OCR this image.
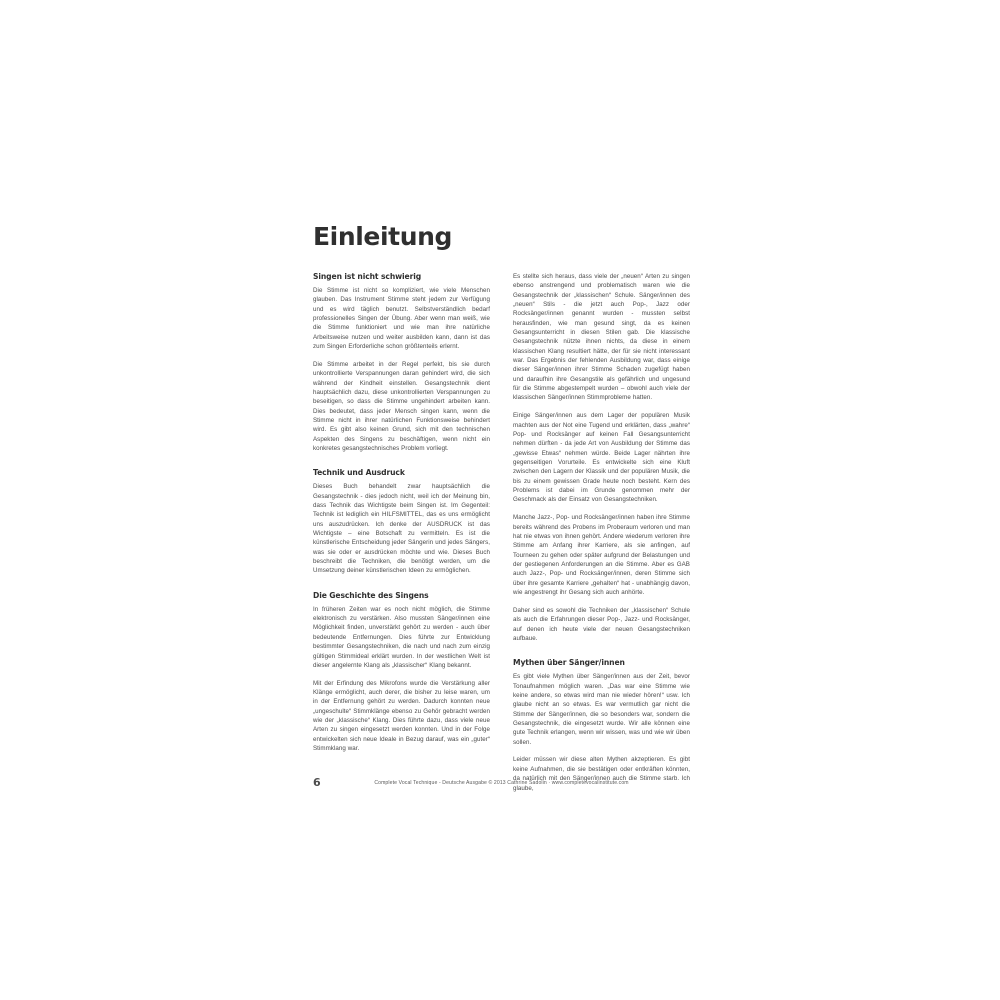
Einleitung
Singen ist nicht schwierig

Die Stimme ist nicht so kompliziert, wie viele Menschen glauben. Das Instrument Stimme steht jedem zur Verfügung und es wird täglich benutzt. Selbstverständlich bedarf professionelles Singen der Übung. Aber wenn man weiß, wie die Stimme funktioniert und wie man ihre natürliche Arbeitsweise nutzen und weiter ausbilden kann, dann ist das zum Singen Erforderliche schon größtenteils erlernt.

Die Stimme arbeitet in der Regel perfekt, bis sie durch unkontrollierte Verspannungen daran gehindert wird, die sich während der Kindheit einstellen. Gesangstechnik dient hauptsächlich dazu, diese unkontrollierten Verspannungen zu beseitigen, so dass die Stimme ungehindert arbeiten kann. Dies bedeutet, dass jeder Mensch singen kann, wenn die Stimme nicht in ihrer natürlichen Funktionsweise behindert wird. Es gibt also keinen Grund, sich mit den technischen Aspekten des Singens zu beschäftigen, wenn nicht ein konkretes gesangstechnisches Problem vorliegt.

Technik und Ausdruck

Dieses Buch behandelt zwar hauptsächlich die Gesangstechnik - dies jedoch nicht, weil ich der Meinung bin, dass Technik das Wichtigste beim Singen ist. Im Gegenteil: Technik ist lediglich ein HILFSMITTEL, das es uns ermöglicht uns auszudrücken. Ich denke der AUSDRUCK ist das Wichtigste – eine Botschaft zu vermitteln. Es ist die künstlerische Entscheidung jeder Sängerin und jedes Sängers, was sie oder er ausdrücken möchte und wie. Dieses Buch beschreibt die Techniken, die benötigt werden, um die Umsetzung deiner künstlerischen Ideen zu ermöglichen.

Die Geschichte des Singens

In früheren Zeiten war es noch nicht möglich, die Stimme elektronisch zu verstärken. Also mussten Sänger/innen eine Möglichkeit finden, unverstärkt gehört zu werden - auch über bedeutende Entfernungen. Dies führte zur Entwicklung bestimmter Gesangstechniken, die nach und nach zum einzig gültigen Stimmideal erklärt wurden. In der westlichen Welt ist dieser angelernte Klang als „klassischer“ Klang bekannt.

Mit der Erfindung des Mikrofons wurde die Verstärkung aller Klänge ermöglicht, auch derer, die bisher zu leise waren, um in der Entfernung gehört zu werden. Dadurch konnten neue „ungeschulte“ Stimmklänge ebenso zu Gehör gebracht werden wie der „klassische“ Klang. Dies führte dazu, dass viele neue Arten zu singen eingesetzt werden konnten. Und in der Folge entwickelten sich neue Ideale in Bezug darauf, was ein „guter“ Stimmklang war.

Es stellte sich heraus, dass viele der „neuen“ Arten zu singen ebenso anstrengend und problematisch waren wie die Gesangstechnik der „klassischen“ Schule. Sänger/innen des „neuen“ Stils - die jetzt auch Pop-, Jazz oder Rocksänger/innen genannt wurden - mussten selbst herausfinden, wie man gesund singt, da es keinen Gesangsunterricht in diesen Stilen gab. Die klassische Gesangstechnik nützte ihnen nichts, da diese in einem klassischen Klang resultiert hätte, der für sie nicht interessant war. Das Ergebnis der fehlenden Ausbildung war, dass einige dieser Sänger/innen ihrer Stimme Schaden zugefügt haben und daraufhin ihre Gesangstile als gefährlich und ungesund für die Stimme abgestempelt wurden – obwohl auch viele der klassischen Sänger/innen Stimmprobleme hatten.

Einige Sänger/innen aus dem Lager der populären Musik machten aus der Not eine Tugend und erklärten, dass „wahre“ Pop- und Rocksänger auf keinen Fall Gesangsunterricht nehmen dürften - da jede Art von Ausbildung der Stimme das „gewisse Etwas“ nehmen würde. Beide Lager nährten ihre gegenseitigen Vorurteile. Es entwickelte sich eine Kluft zwischen den Lagern der Klassik und der populären Musik, die bis zu einem gewissen Grade heute noch besteht. Kern des Problems ist dabei im Grunde genommen mehr der Geschmack als der Einsatz von Gesangstechniken.

Manche Jazz-, Pop- und Rocksänger/innen haben ihre Stimme bereits während des Probens im Proberaum verloren und man hat nie etwas von ihnen gehört. Andere wiederum verloren ihre Stimme am Anfang ihrer Karriere, als sie anfingen, auf Tourneen zu gehen oder später aufgrund der Belastungen und der gestiegenen Anforderungen an die Stimme. Aber es GAB auch Jazz-, Pop- und Rocksänger/innen, deren Stimme sich über ihre gesamte Karriere „gehalten“ hat - unabhängig davon, wie angestrengt ihr Gesang sich auch anhörte.

Daher sind es sowohl die Techniken der „klassischen“ Schule als auch die Erfahrungen dieser Pop-, Jazz- und Rocksänger, auf denen ich heute viele der neuen Gesangstechniken aufbaue.

Mythen über Sänger/innen

Es gibt viele Mythen über Sänger/innen aus der Zeit, bevor Tonaufnahmen möglich waren. „Das war eine Stimme wie keine andere, so etwas wird man nie wieder hören!“ usw. Ich glaube nicht an so etwas. Es war vermutlich gar nicht die Stimme der Sänger/innen, die so besonders war, sondern die Gesangstechnik, die eingesetzt wurde. Wir alle können eine gute Technik erlangen, wenn wir wissen, was und wie wir üben sollen.

Leider müssen wir diese alten Mythen akzeptieren. Es gibt keine Aufnahmen, die sie bestätigen oder entkräften könnten, da natürlich mit den Sänger/innen auch die Stimme starb. Ich glaube,

6	Complete Vocal Technique - Deutsche Ausgabe © 2013 Cathrine Sadolin · www.completevocalinstitute.com
